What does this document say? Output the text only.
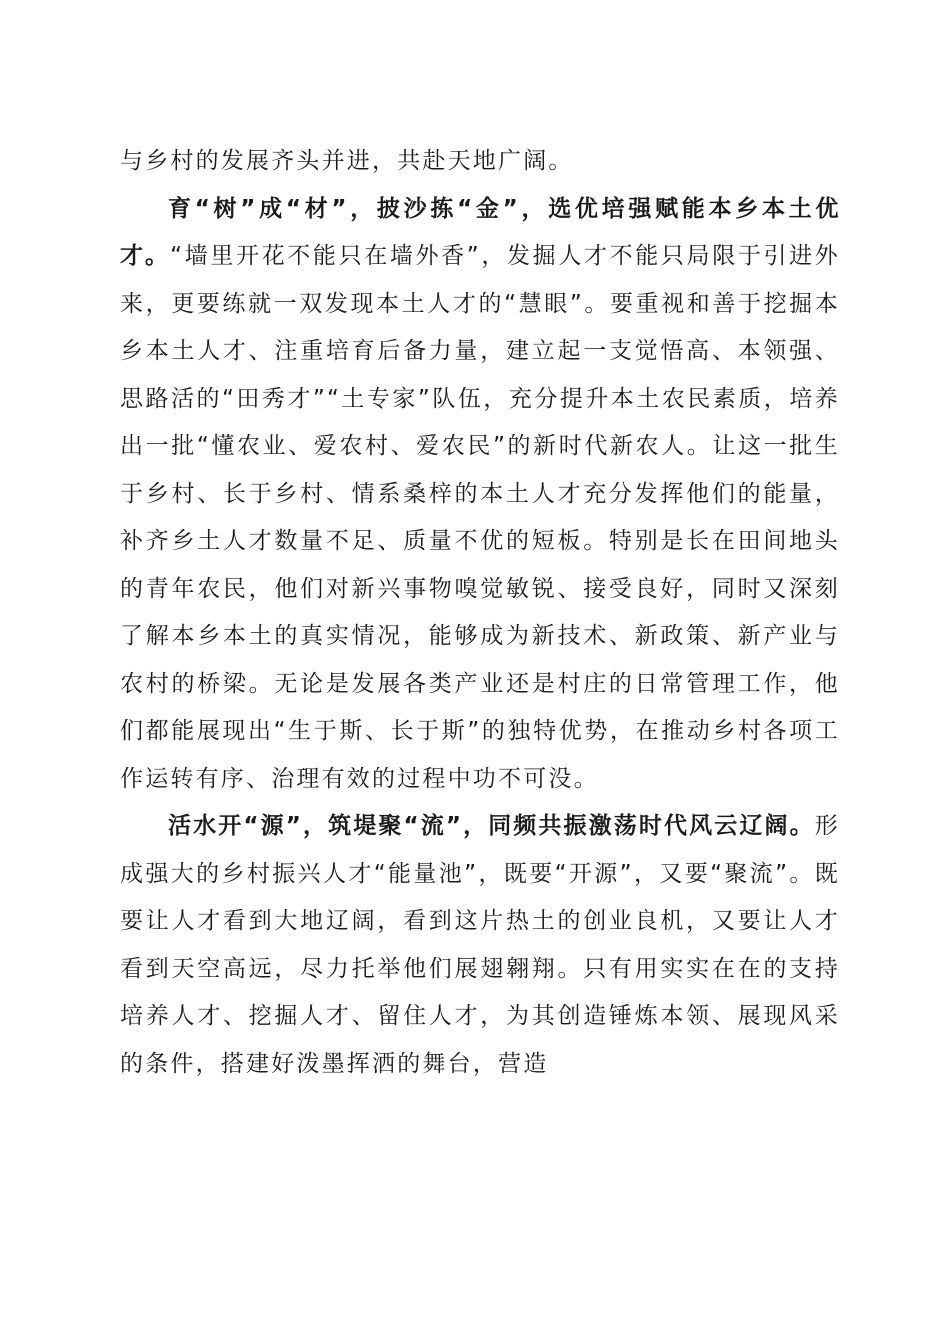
与乡村的发展齐头并进，共赴天地广阔。

育“树”成“材”，披沙拣“金”，选优培强赋能本乡本土优才。“墙里开花不能只在墙外香”，发掘人才不能只局限于引进外来，更要练就一双发现本土人才的“慧眼”。要重视和善于挖掘本乡本土人才、注重培育后备力量，建立起一支觉悟高、本领强、思路活的“田秀才”“土专家”队伍，充分提升本土农民素质，培养出一批“懂农业、爱农村、爱农民”的新时代新农人。让这一批生于乡村、长于乡村、情系桑梓的本土人才充分发挥他们的能量，补齐乡土人才数量不足、质量不优的短板。特别是长在田间地头的青年农民，他们对新兴事物嗅觉敏锐、接受良好，同时又深刻了解本乡本土的真实情况，能够成为新技术、新政策、新产业与农村的桥梁。无论是发展各类产业还是村庄的日常管理工作，他们都能展现出“生于斯、长于斯”的独特优势，在推动乡村各项工作运转有序、治理有效的过程中功不可没。

活水开“源”，筑堤聚“流”，同频共振激荡时代风云辽阔。形成强大的乡村振兴人才“能量池”，既要“开源”，又要“聚流”。既要让人才看到大地辽阔，看到这片热土的创业良机，又要让人才看到天空高远，尽力托举他们展翅翱翔。只有用实实在在的支持培养人才、挖掘人才、留住人才，为其创造锤炼本领、展现风采的条件，搭建好泼墨挥洒的舞台，营造
